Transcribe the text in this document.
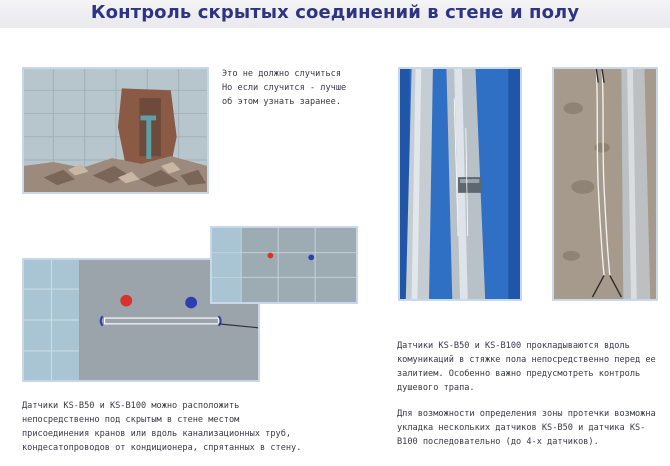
Контроль скрытых соединений в стене и полу
Это не должно случиться
Но если случится - лучше
об этом узнать заранее.
Датчики KS-B50 и KS-B100 можно расположить
непосредственно под скрытым в стене местом
присоединения кранов или вдоль канализационных труб,
кондесатопроводов от кондиционера, спрятанных в стену.
Датчики KS-B50 и KS-B100 прокладываются вдоль
комуникаций в стяжке пола непосредственно перед ее
залитием. Особенно важно предусмотреть контроль
душевого трапа.
Для возможности определения зоны протечки возможна
укладка нескольких датчиков KS-B50 и датчика KS-
B100 последовательно (до 4-х датчиков).
